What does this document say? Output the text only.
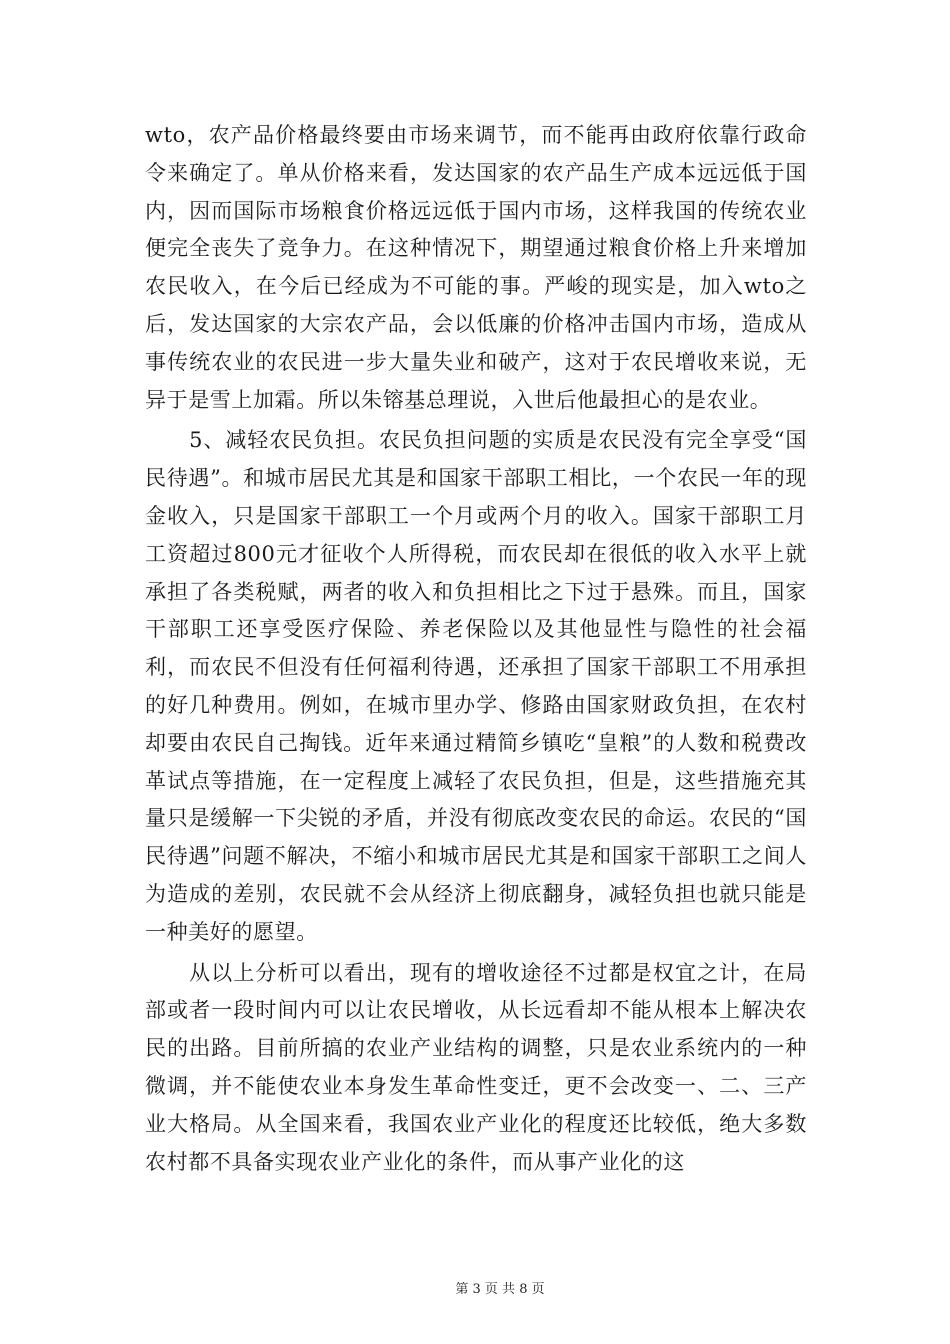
wto，农产品价格最终要由市场来调节，而不能再由政府依靠行政命令来确定了。单从价格来看，发达国家的农产品生产成本远远低于国内，因而国际市场粮食价格远远低于国内市场，这样我国的传统农业便完全丧失了竞争力。在这种情况下，期望通过粮食价格上升来增加农民收入，在今后已经成为不可能的事。严峻的现实是，加入wto之后，发达国家的大宗农产品，会以低廉的价格冲击国内市场，造成从事传统农业的农民进一步大量失业和破产，这对于农民增收来说，无异于是雪上加霜。所以朱镕基总理说，入世后他最担心的是农业。

5、减轻农民负担。农民负担问题的实质是农民没有完全享受“国民待遇”。和城市居民尤其是和国家干部职工相比，一个农民一年的现金收入，只是国家干部职工一个月或两个月的收入。国家干部职工月工资超过800元才征收个人所得税，而农民却在很低的收入水平上就承担了各类税赋，两者的收入和负担相比之下过于悬殊。而且，国家干部职工还享受医疗保险、养老保险以及其他显性与隐性的社会福利，而农民不但没有任何福利待遇，还承担了国家干部职工不用承担的好几种费用。例如，在城市里办学、修路由国家财政负担，在农村却要由农民自己掏钱。近年来通过精简乡镇吃“皇粮”的人数和税费改革试点等措施，在一定程度上减轻了农民负担，但是，这些措施充其量只是缓解一下尖锐的矛盾，并没有彻底改变农民的命运。农民的“国民待遇”问题不解决，不缩小和城市居民尤其是和国家干部职工之间人为造成的差别，农民就不会从经济上彻底翻身，减轻负担也就只能是一种美好的愿望。

从以上分析可以看出，现有的增收途径不过都是权宜之计，在局部或者一段时间内可以让农民增收，从长远看却不能从根本上解决农民的出路。目前所搞的农业产业结构的调整，只是农业系统内的一种微调，并不能使农业本身发生革命性变迁，更不会改变一、二、三产业大格局。从全国来看，我国农业产业化的程度还比较低，绝大多数农村都不具备实现农业产业化的条件，而从事产业化的这

第 3 页 共 8 页
